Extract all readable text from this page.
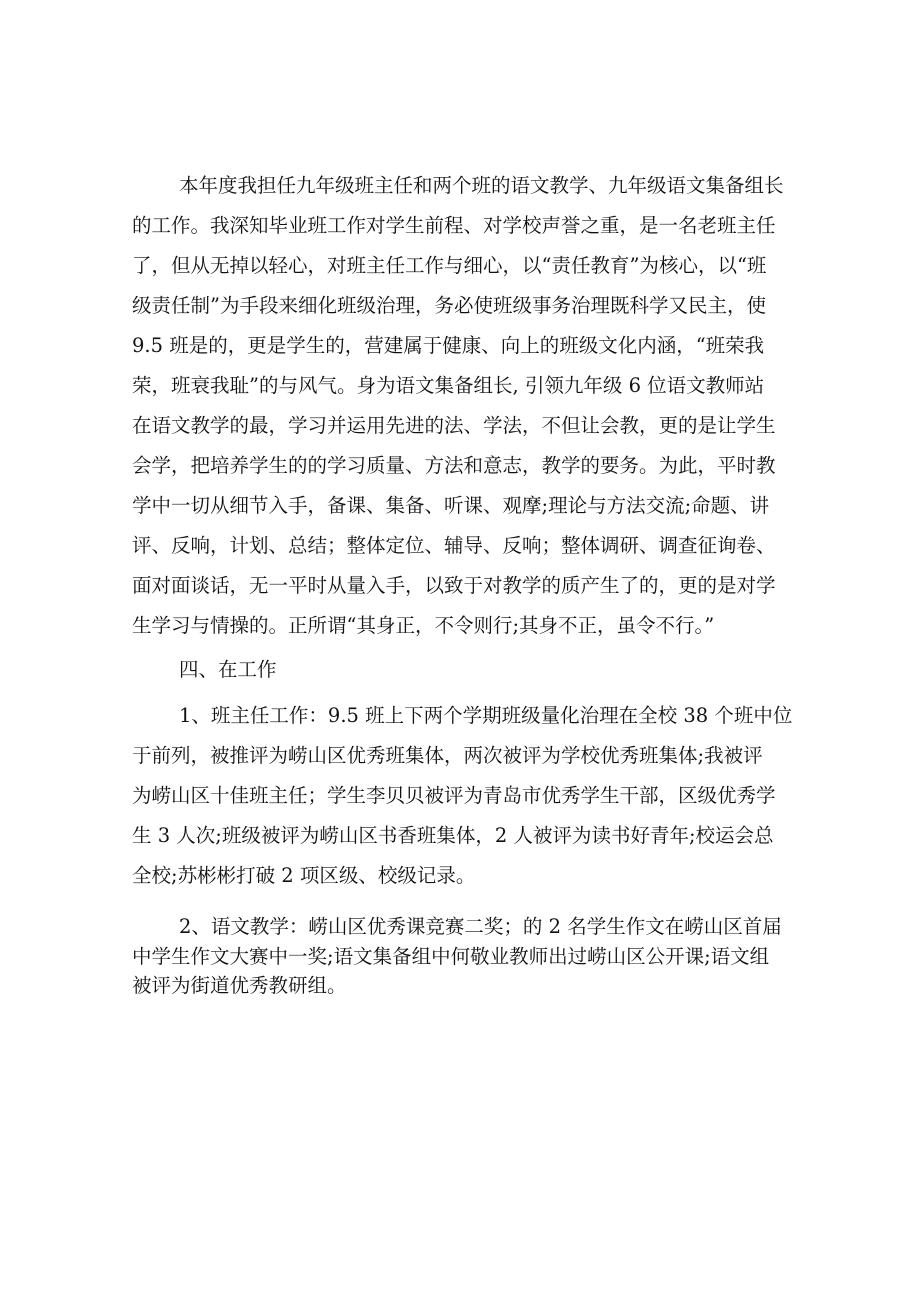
本年度我担任九年级班主任和两个班的语文教学、九年级语文集备组长
的工作。我深知毕业班工作对学生前程、对学校声誉之重，是一名老班主任
了，但从无掉以轻心，对班主任工作与细心，以“责任教育”为核心，以“班
级责任制”为手段来细化班级治理，务必使班级事务治理既科学又民主，使
9.5 班是的，更是学生的，营建属于健康、向上的班级文化内涵，“班荣我
荣，班衰我耻”的与风气。身为语文集备组长, 引领九年级 6 位语文教师站
在语文教学的最，学习并运用先进的法、学法，不但让会教，更的是让学生
会学，把培养学生的的学习质量、方法和意志，教学的要务。为此，平时教
学中一切从细节入手，备课、集备、听课、观摩;理论与方法交流;命题、讲
评、反响，计划、总结；整体定位、辅导、反响；整体调研、调查征询卷、
面对面谈话，无一平时从量入手，以致于对教学的质产生了的，更的是对学
生学习与情操的。正所谓“其身正，不令则行;其身不正，虽令不行。”
四、在工作
1、班主任工作：9.5 班上下两个学期班级量化治理在全校 38 个班中位
于前列，被推评为崂山区优秀班集体，两次被评为学校优秀班集体;我被评
为崂山区十佳班主任；学生李贝贝被评为青岛市优秀学生干部，区级优秀学
生 3 人次;班级被评为崂山区书香班集体，2 人被评为读书好青年;校运会总
全校;苏彬彬打破 2 项区级、校级记录。
2、语文教学：崂山区优秀课竞赛二奖；的 2 名学生作文在崂山区首届
中学生作文大赛中一奖;语文集备组中何敬业教师出过崂山区公开课;语文组
被评为街道优秀教研组。
